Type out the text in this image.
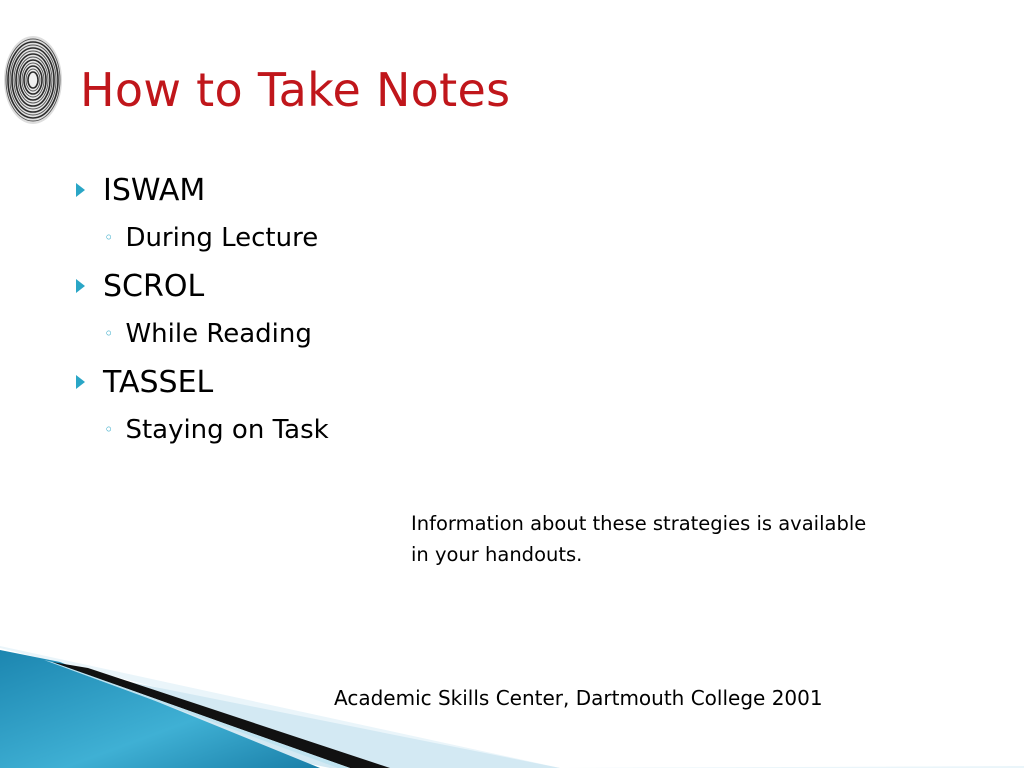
How to Take Notes
ISWAM
◦ During Lecture
SCROL
◦ While Reading
TASSEL
◦ Staying on Task

Information about these strategies is available
in your handouts.

Academic Skills Center, Dartmouth College 2001
